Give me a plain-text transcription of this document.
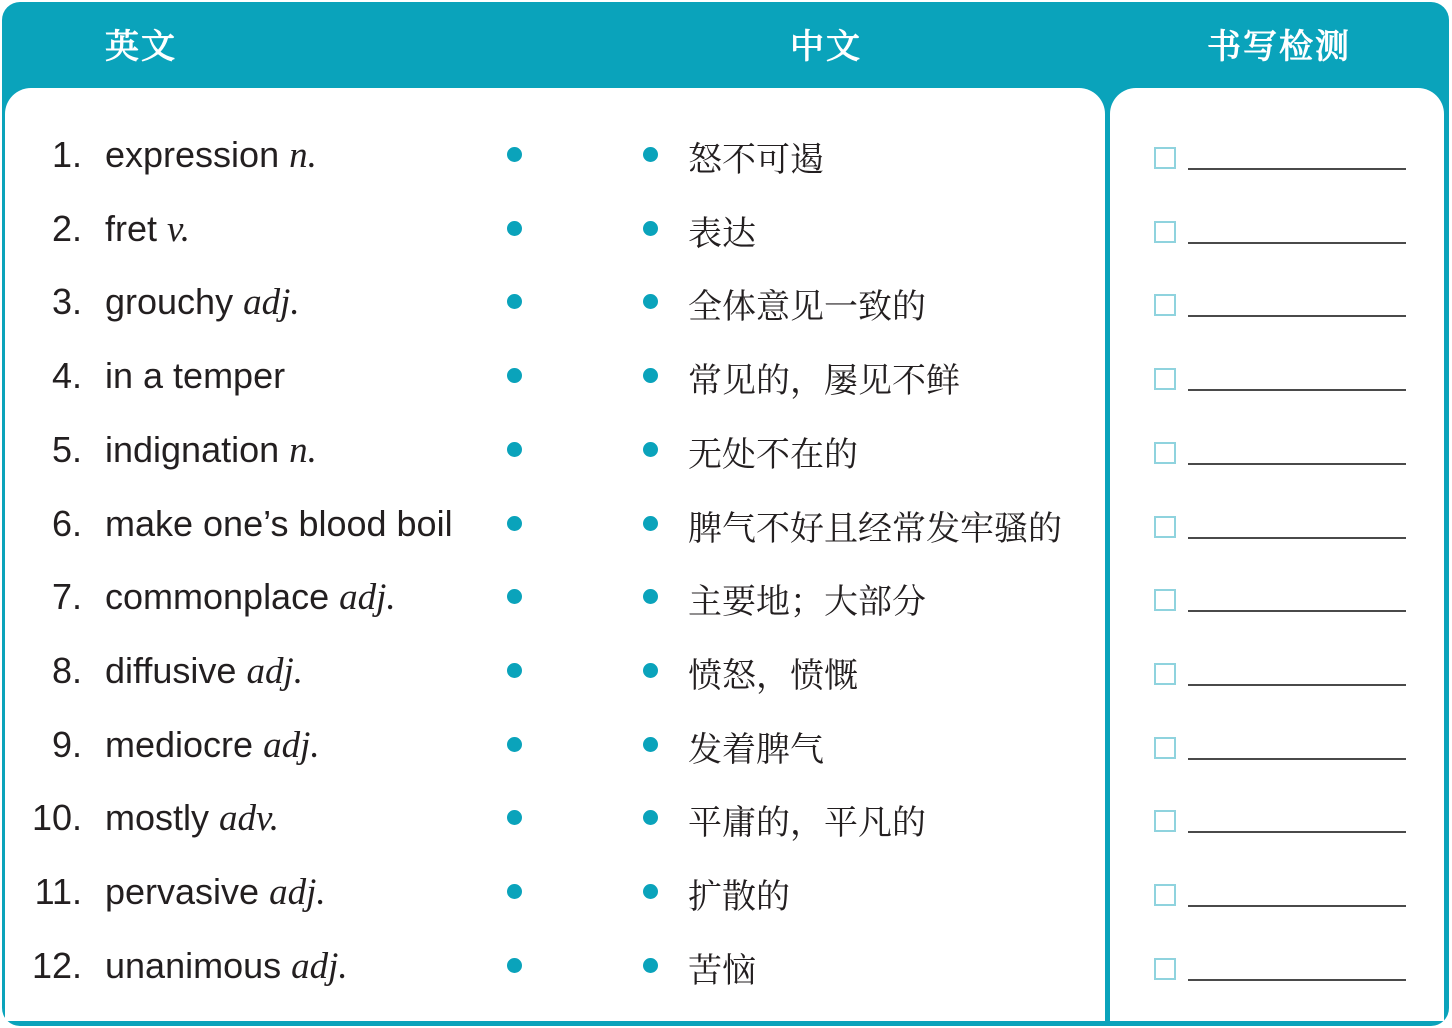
英文	中文	书写检测
1. expression n.	怒不可遏
2. fret v.	表达
3. grouchy adj.	全体意见一致的
4. in a temper	常见的，屡见不鲜
5. indignation n.	无处不在的
6. make one’s blood boil	脾气不好且经常发牢骚的
7. commonplace adj.	主要地；大部分
8. diffusive adj.	愤怒，愤慨
9. mediocre adj.	发着脾气
10. mostly adv.	平庸的，平凡的
11. pervasive adj.	扩散的
12. unanimous adj.	苦恼
